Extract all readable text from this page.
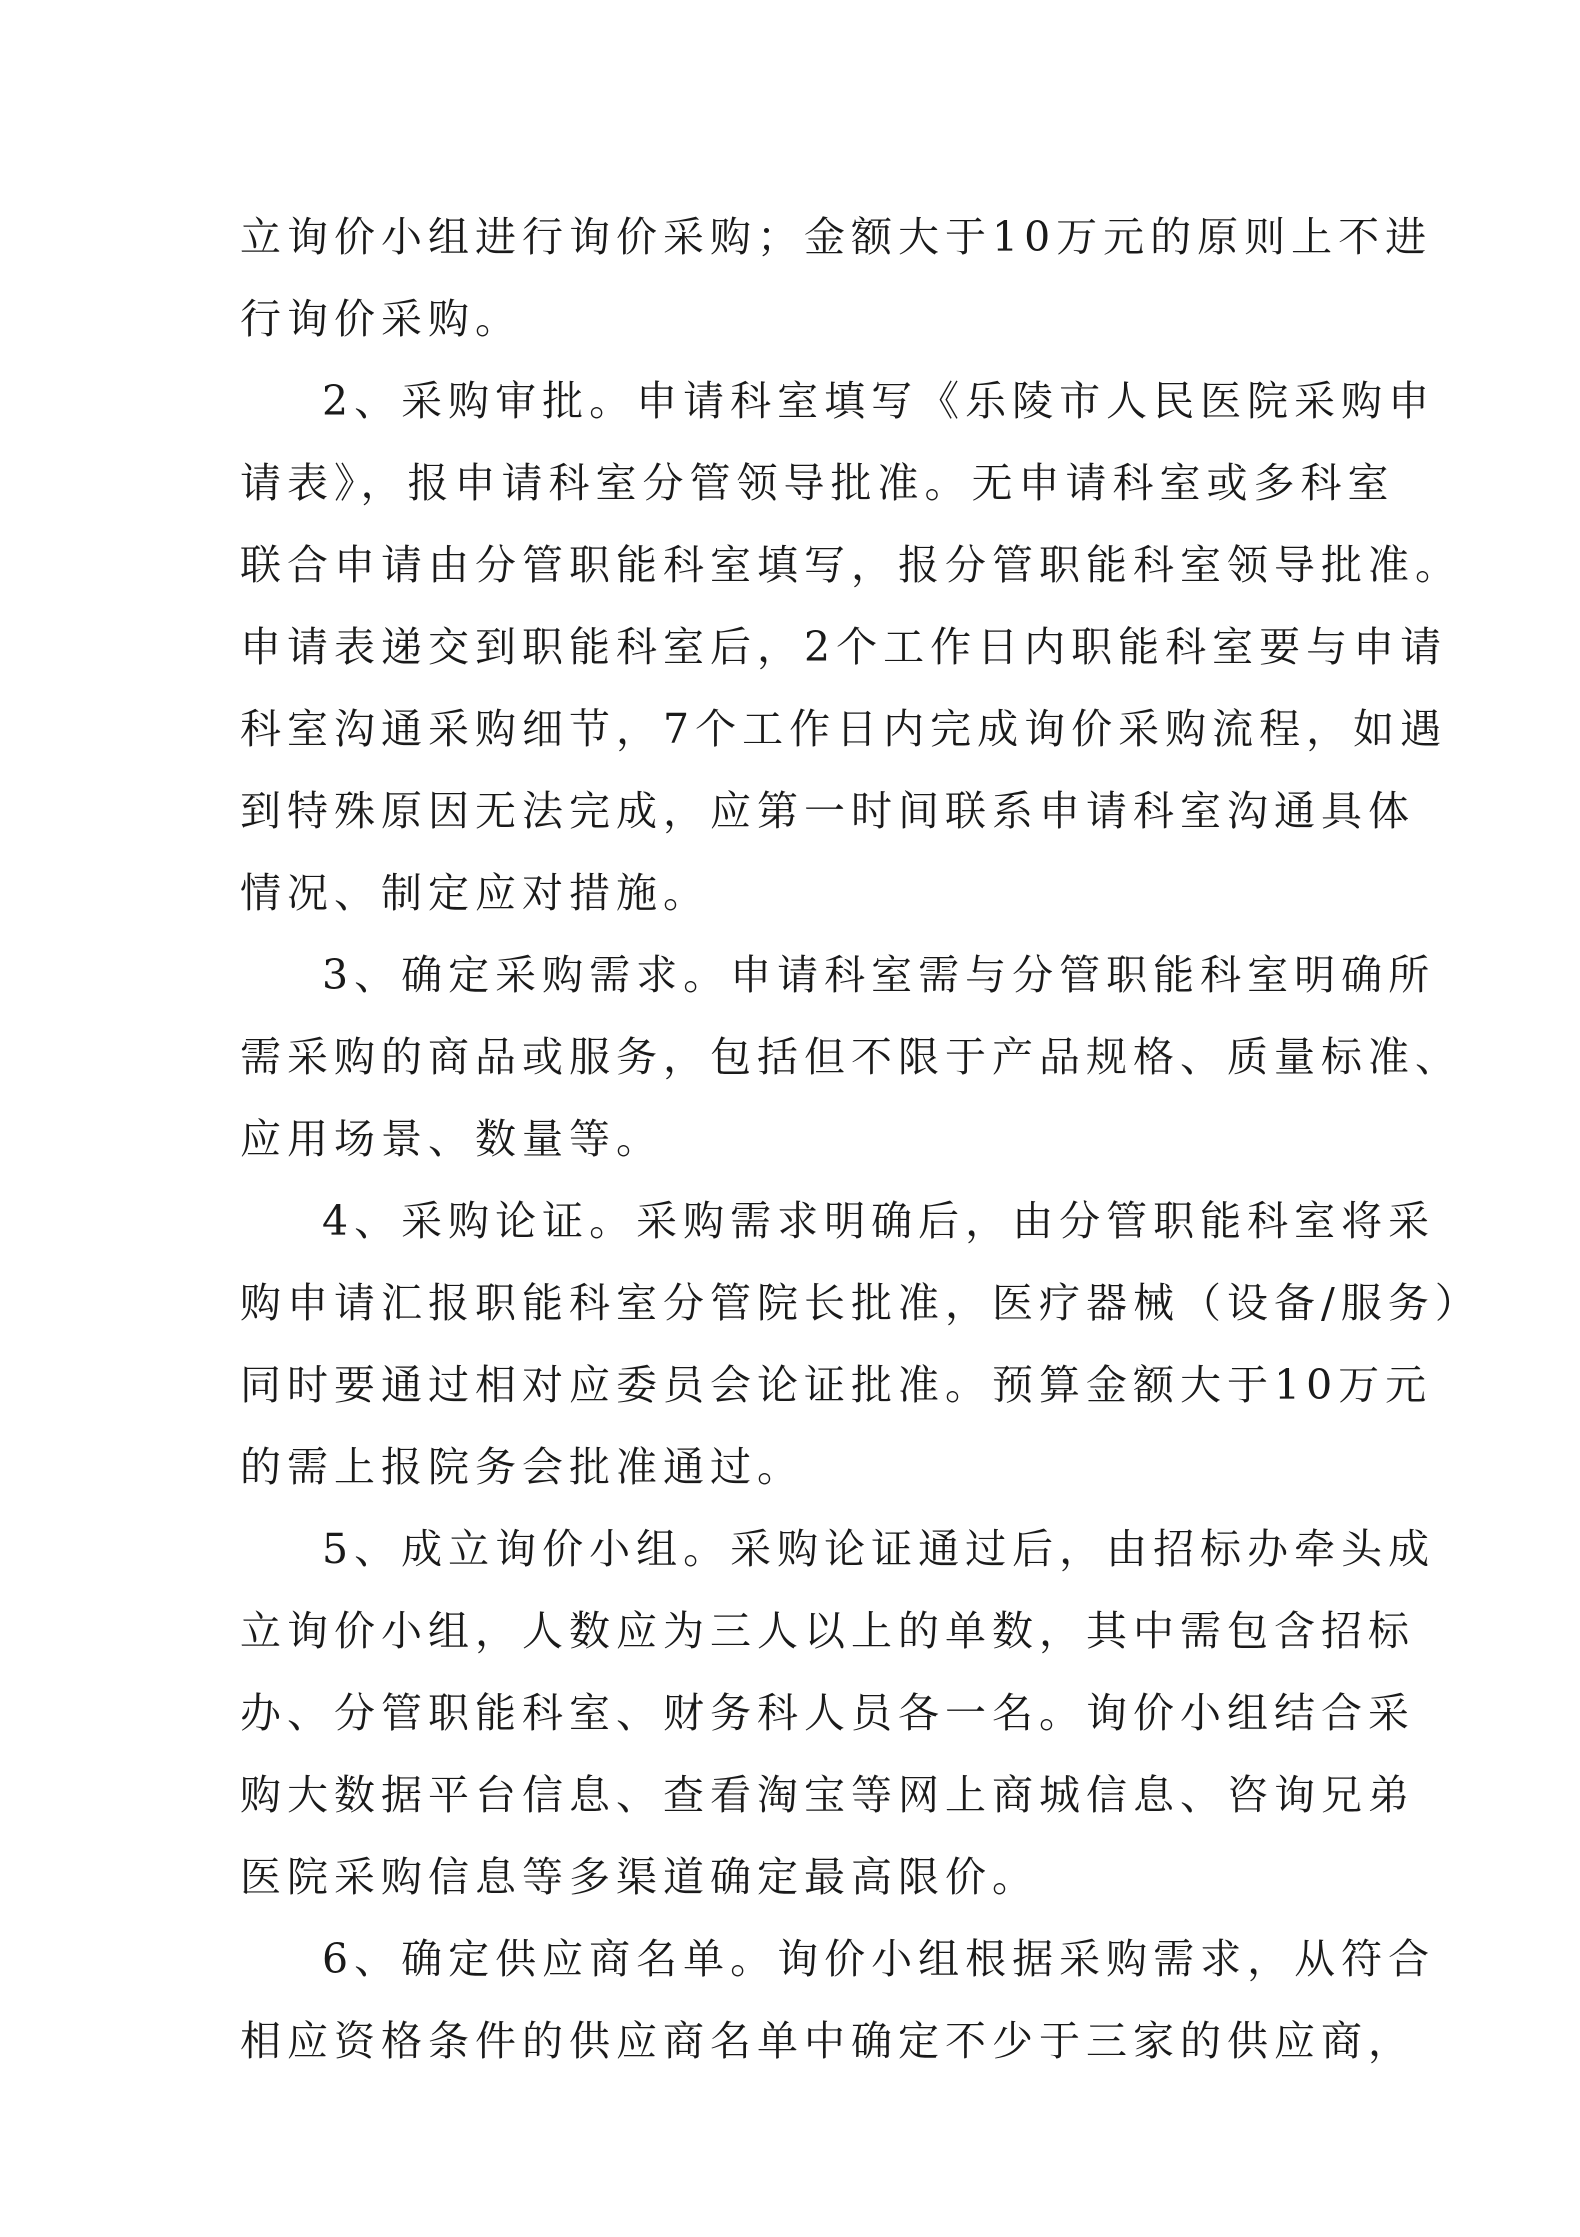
立询价小组进行询价采购；金额大于10万元的原则上不进
行询价采购。
2、采购审批。申请科室填写《乐陵市人民医院采购申
请表》，报申请科室分管领导批准。无申请科室或多科室
联合申请由分管职能科室填写，报分管职能科室领导批准。
申请表递交到职能科室后，2个工作日内职能科室要与申请
科室沟通采购细节，7个工作日内完成询价采购流程，如遇
到特殊原因无法完成，应第一时间联系申请科室沟通具体
情况、制定应对措施。
3、确定采购需求。申请科室需与分管职能科室明确所
需采购的商品或服务，包括但不限于产品规格、质量标准、
应用场景、数量等。
4、采购论证。采购需求明确后，由分管职能科室将采
购申请汇报职能科室分管院长批准，医疗器械（设备/服务）
同时要通过相对应委员会论证批准。预算金额大于10万元
的需上报院务会批准通过。
5、成立询价小组。采购论证通过后，由招标办牵头成
立询价小组，人数应为三人以上的单数，其中需包含招标
办、分管职能科室、财务科人员各一名。询价小组结合采
购大数据平台信息、查看淘宝等网上商城信息、咨询兄弟
医院采购信息等多渠道确定最高限价。
6、确定供应商名单。询价小组根据采购需求，从符合
相应资格条件的供应商名单中确定不少于三家的供应商，
